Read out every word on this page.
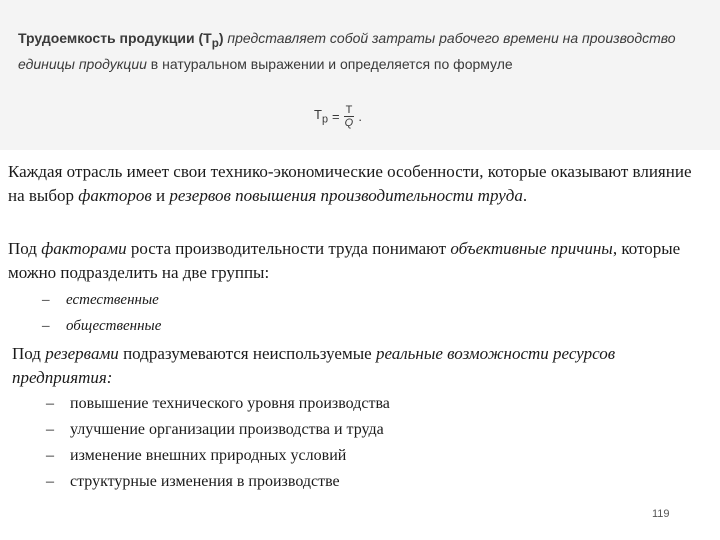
Трудоемкость продукции $(Т_р)$ представляет собой затраты рабочего времени на производство единицы продукции в натуральном выражении и определяется по формуле

$Т_р = \frac{Т}{Q}$ .

Каждая отрасль имеет свои технико-экономические особенности, которые оказывают влияние на выбор факторов и резервов повышения производительности труда.

Под факторами роста производительности труда понимают объективные причины, которые можно подразделить на две группы:

– естественные
– общественные

Под резервами подразумеваются неиспользуемые реальные возможности ресурсов предприятия:

– повышение технического уровня производства
– улучшение организации производства и труда
– изменение внешних природных условий
– структурные изменения в производстве
119
